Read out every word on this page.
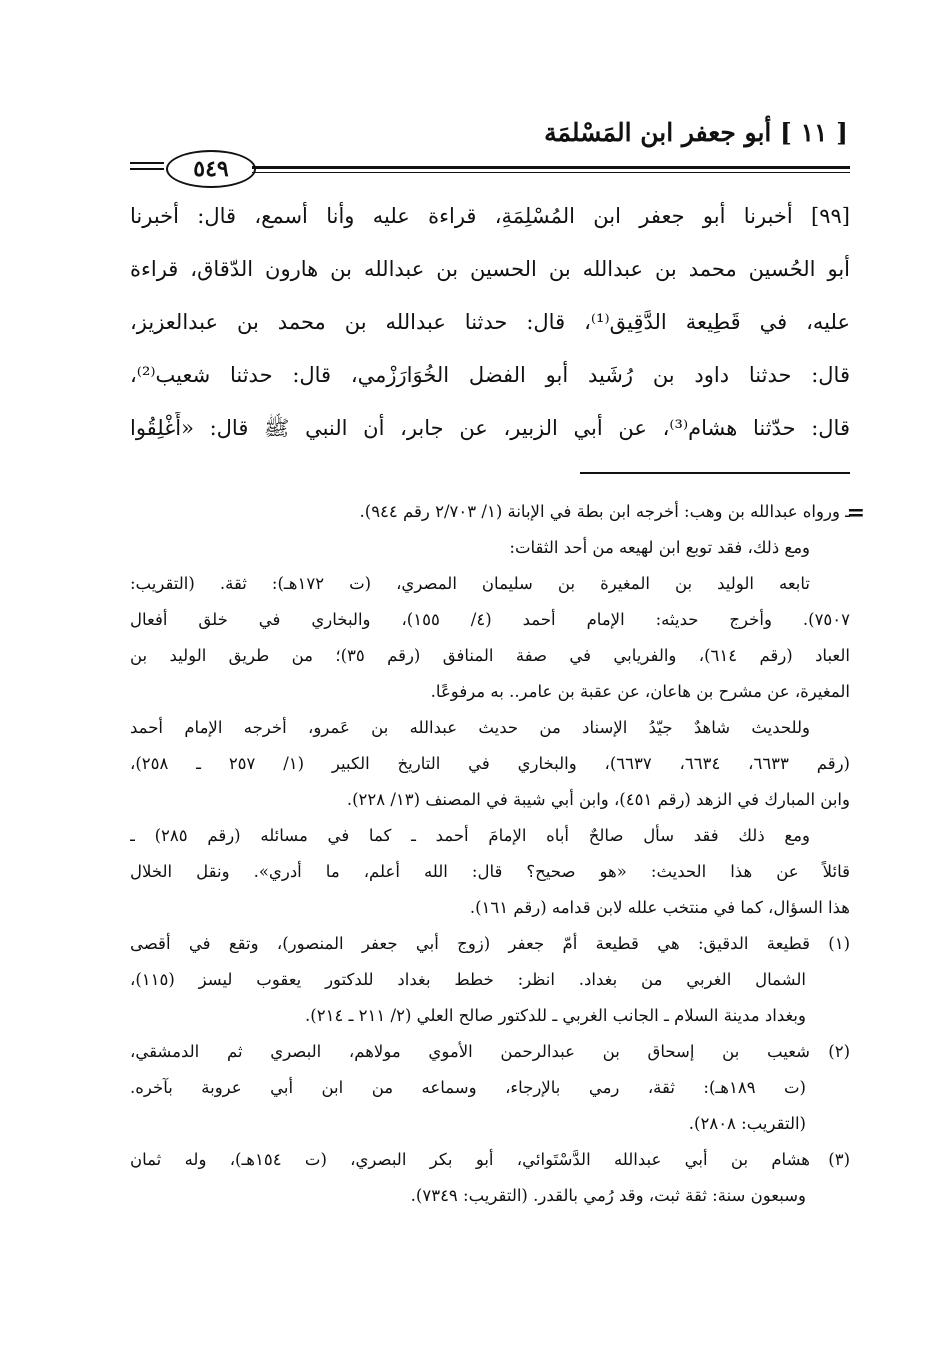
[ ١١ ] أبو جعفر ابن المَسْلمَة
٥٤٩
[٩٩] أخبرنا أبو جعفر ابن المُسْلِمَةِ، قراءة عليه وأنا أسمع، قال: أخبرنا
أبو الحُسين محمد بن عبدالله بن الحسين بن عبدالله بن هارون الدّقاق، قراءة
عليه، في قَطِيعة الدَّقِيق⁽¹⁾، قال: حدثنا عبدالله بن محمد بن عبدالعزيز،
قال: حدثنا داود بن رُشَيد أبو الفضل الخُوَارَزْمي، قال: حدثنا شعيب⁽²⁾،
قال: حدّثنا هشام⁽³⁾، عن أبي الزبير، عن جابر، أن النبي ﷺ قال: «أَغْلِقُوا
=
ـ ورواه عبدالله بن وهب: أخرجه ابن بطة في الإبانة (١/ ٢/٧٠٣ رقم ٩٤٤).
ومع ذلك، فقد توبع ابن لهيعه من أحد الثقات:
تابعه الوليد بن المغيرة بن سليمان المصري، (ت ١٧٢هـ): ثقة. (التقريب:
٧٥٠٧). وأخرج حديثه: الإمام أحمد (٤/ ١٥٥)، والبخاري في خلق أفعال
العباد (رقم ٦١٤)، والفريابي في صفة المنافق (رقم ٣٥)؛ من طريق الوليد بن
المغيرة، عن مشرح بن هاعان، عن عقبة بن عامر.. به مرفوعًا.
وللحديث شاهدٌ جيّدُ الإسناد من حديث عبدالله بن عَمرو، أخرجه الإمام أحمد
(رقم ٦٦٣٣، ٦٦٣٤، ٦٦٣٧)، والبخاري في التاريخ الكبير (١/ ٢٥٧ ـ ٢٥٨)،
وابن المبارك في الزهد (رقم ٤٥١)، وابن أبي شيبة في المصنف (١٣/ ٢٢٨).
ومع ذلك فقد سأل صالحٌ أباه الإمامَ أحمد ـ كما في مسائله (رقم ٢٨٥) ـ
قائلاً عن هذا الحديث: «هو صحيح؟ قال: الله أعلم، ما أدري». ونقل الخلال
هذا السؤال، كما في منتخب علله لابن قدامه (رقم ١٦١).
(١)قطيعة الدقيق: هي قطيعة أمّ جعفر (زوج أبي جعفر المنصور)، وتقع في أقصى
الشمال الغربي من بغداد. انظر: خطط بغداد للدكتور يعقوب ليسز (١١٥)،
وبغداد مدينة السلام ـ الجانب الغربي ـ للدكتور صالح العلي (٢/ ٢١١ ـ ٢١٤).
(٢)شعيب بن إسحاق بن عبدالرحمن الأموي مولاهم، البصري ثم الدمشقي،
(ت ١٨٩هـ): ثقة، رمي بالإرجاء، وسماعه من ابن أبي عروبة بآخره.
(التقريب: ٢٨٠٨).
(٣)هشام بن أبي عبدالله الدَّسْتَوائي، أبو بكر البصري، (ت ١٥٤هـ)، وله ثمان
وسبعون سنة: ثقة ثبت، وقد رُمي بالقدر. (التقريب: ٧٣٤٩).
